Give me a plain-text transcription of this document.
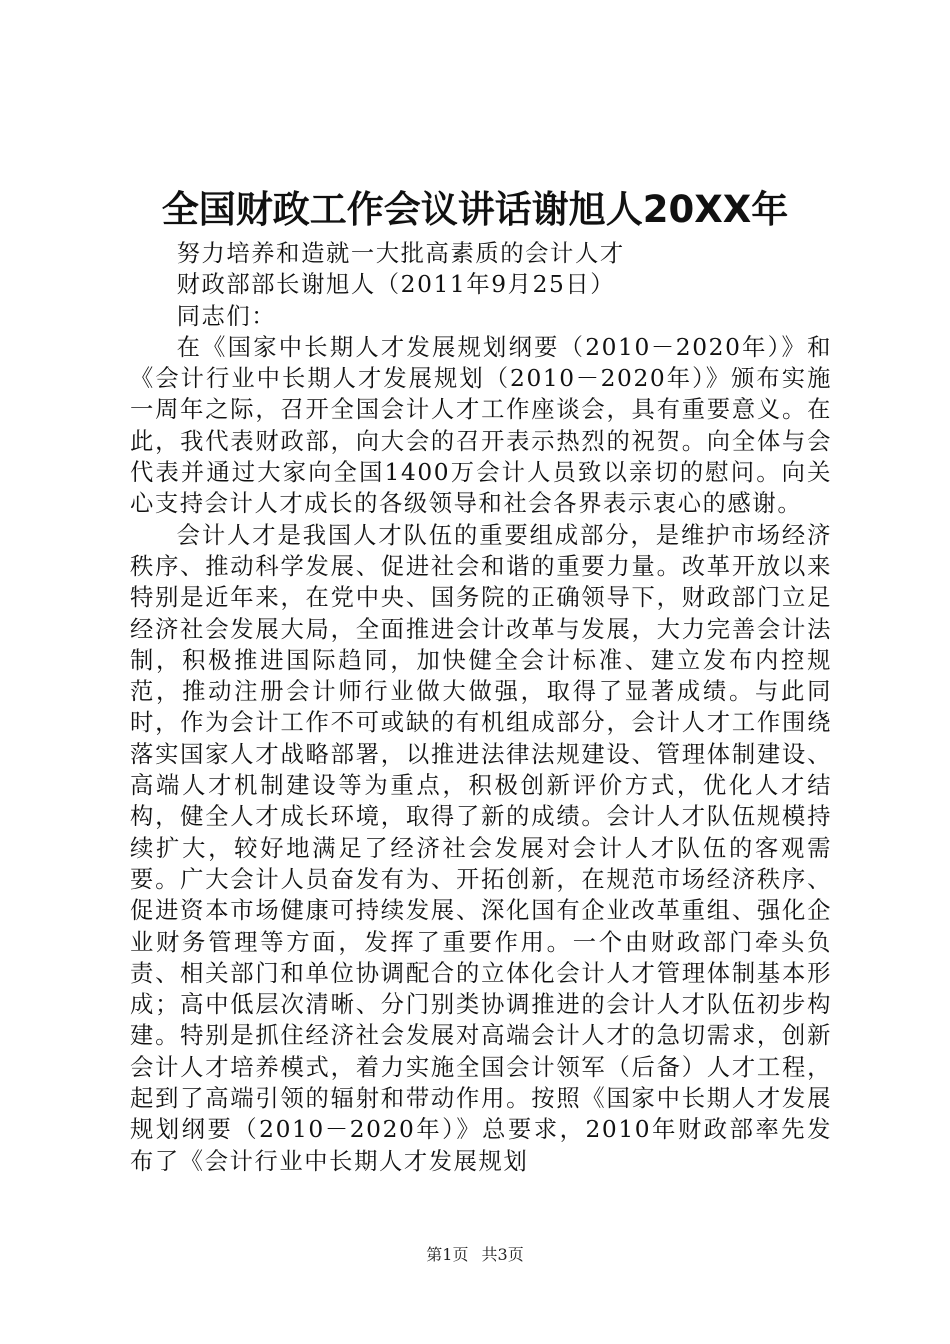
全国财政工作会议讲话谢旭人20XX年

努力培养和造就一大批高素质的会计人才

财政部部长谢旭人（2011年9月25日）

同志们：

在《国家中长期人才发展规划纲要（2010－2020年）》和《会计行业中长期人才发展规划（2010－2020年）》颁布实施一周年之际，召开全国会计人才工作座谈会，具有重要意义。在此，我代表财政部，向大会的召开表示热烈的祝贺。向全体与会代表并通过大家向全国1400万会计人员致以亲切的慰问。向关心支持会计人才成长的各级领导和社会各界表示衷心的感谢。

会计人才是我国人才队伍的重要组成部分，是维护市场经济秩序、推动科学发展、促进社会和谐的重要力量。改革开放以来特别是近年来，在党中央、国务院的正确领导下，财政部门立足经济社会发展大局，全面推进会计改革与发展，大力完善会计法制，积极推进国际趋同，加快健全会计标准、建立发布内控规范，推动注册会计师行业做大做强，取得了显著成绩。与此同时，作为会计工作不可或缺的有机组成部分，会计人才工作围绕落实国家人才战略部署，以推进法律法规建设、管理体制建设、高端人才机制建设等为重点，积极创新评价方式，优化人才结构，健全人才成长环境，取得了新的成绩。会计人才队伍规模持续扩大，较好地满足了经济社会发展对会计人才队伍的客观需要。广大会计人员奋发有为、开拓创新，在规范市场经济秩序、促进资本市场健康可持续发展、深化国有企业改革重组、强化企业财务管理等方面，发挥了重要作用。一个由财政部门牵头负责、相关部门和单位协调配合的立体化会计人才管理体制基本形成；高中低层次清晰、分门别类协调推进的会计人才队伍初步构建。特别是抓住经济社会发展对高端会计人才的急切需求，创新会计人才培养模式，着力实施全国会计领军（后备）人才工程，起到了高端引领的辐射和带动作用。按照《国家中长期人才发展规划纲要（2010－2020年）》总要求，2010年财政部率先发布了《会计行业中长期人才发展规划

第1页 共3页
